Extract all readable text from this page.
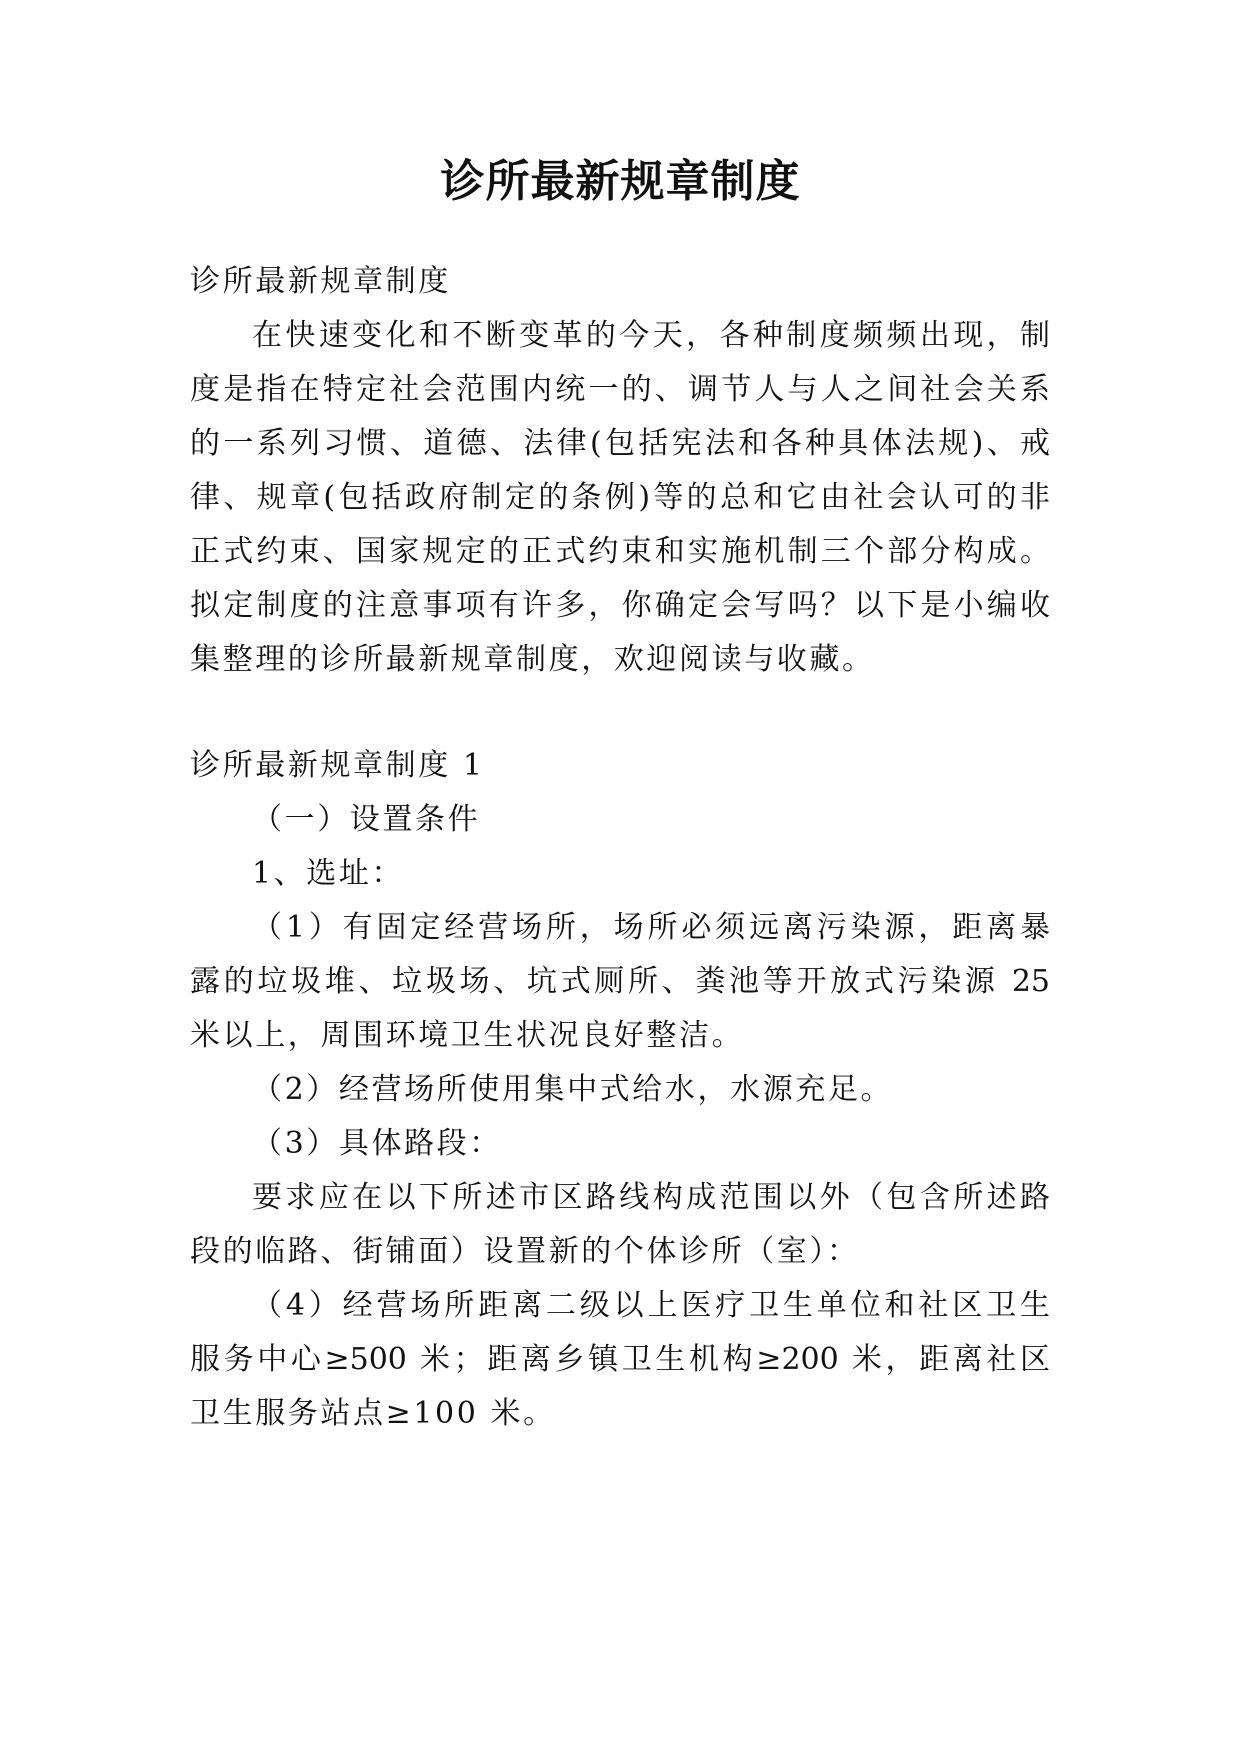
诊所最新规章制度
诊所最新规章制度
在快速变化和不断变革的今天，各种制度频频出现，制
度是指在特定社会范围内统一的、调节人与人之间社会关系
的一系列习惯、道德、法律(包括宪法和各种具体法规)、戒
律、规章(包括政府制定的条例)等的总和它由社会认可的非
正式约束、国家规定的正式约束和实施机制三个部分构成。
拟定制度的注意事项有许多，你确定会写吗？以下是小编收
集整理的诊所最新规章制度，欢迎阅读与收藏。
诊所最新规章制度 1
（一）设置条件
1、选址：
（1）有固定经营场所，场所必须远离污染源，距离暴
露的垃圾堆、垃圾场、坑式厕所、粪池等开放式污染源 25
米以上，周围环境卫生状况良好整洁。
（2）经营场所使用集中式给水，水源充足。
（3）具体路段：
要求应在以下所述市区路线构成范围以外（包含所述路
段的临路、街铺面）设置新的个体诊所（室）：
（4）经营场所距离二级以上医疗卫生单位和社区卫生
服务中心≥500 米；距离乡镇卫生机构≥200 米，距离社区
卫生服务站点≥100 米。
